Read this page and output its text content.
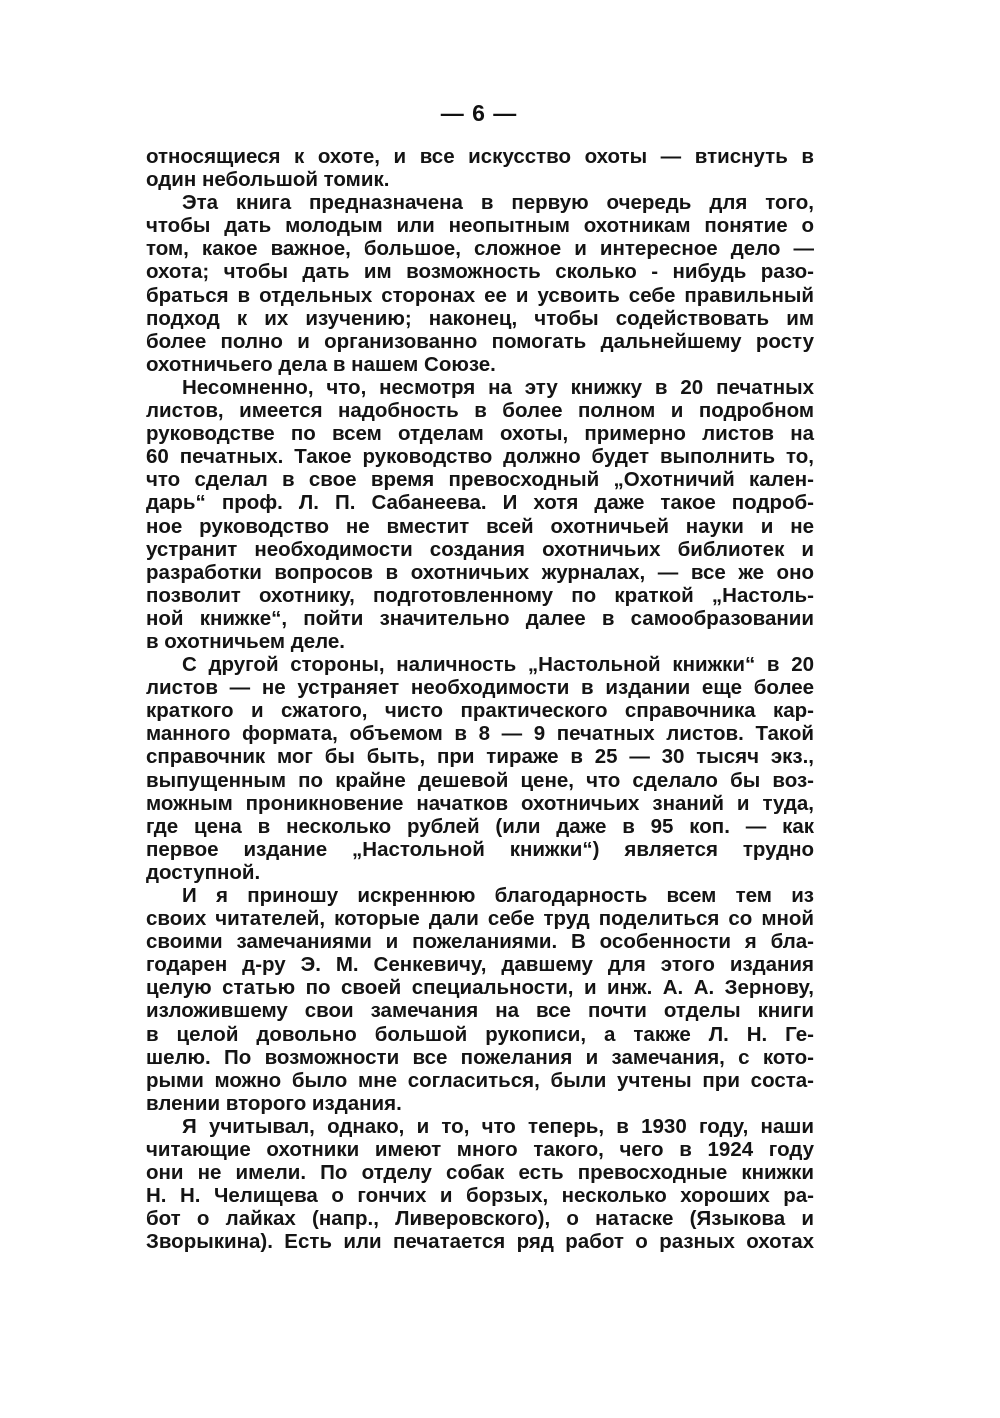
— 6 —
относящиеся к охоте, и все искусство охоты — втиснуть в
один небольшой томик.
Эта книга предназначена в первую очередь для того,
чтобы дать молодым или неопытным охотникам понятие о
том, какое важное, большое, сложное и интересное дело —
охота; чтобы дать им возможность сколько - нибудь разо-
браться в отдельных сторонах ее и усвоить себе правильный
подход к их изучению; наконец, чтобы содействовать им
более полно и организованно помогать дальнейшему росту
охотничьего дела в нашем Союзе.
Несомненно, что, несмотря на эту книжку в 20 печатных
листов, имеется надобность в более полном и подробном
руководстве по всем отделам охоты, примерно листов на
60 печатных. Такое руководство должно будет выполнить то,
что сделал в свое время превосходный „Охотничий кален-
дарь“ проф. Л. П. Сабанеева. И хотя даже такое подроб-
ное руководство не вместит всей охотничьей науки и не
устранит необходимости создания охотничьих библиотек и
разработки вопросов в охотничьих журналах, — все же оно
позволит охотнику, подготовленному по краткой „Настоль-
ной книжке“, пойти значительно далее в самообразовании
в охотничьем деле.
С другой стороны, наличность „Настольной книжки“ в 20
листов — не устраняет необходимости в издании еще более
краткого и сжатого, чисто практического справочника кар-
манного формата, объемом в 8 — 9 печатных листов. Такой
справочник мог бы быть, при тираже в 25 — 30 тысяч экз.,
выпущенным по крайне дешевой цене, что сделало бы воз-
можным проникновение начатков охотничьих знаний и туда,
где цена в несколько рублей (или даже в 95 коп. — как
первое издание „Настольной книжки“) является трудно
доступной.
И я приношу искреннюю благодарность всем тем из
своих читателей, которые дали себе труд поделиться со мной
своими замечаниями и пожеланиями. В особенности я бла-
годарен д-ру Э. М. Сенкевичу, давшему для этого издания
целую статью по своей специальности, и инж. А. А. Зернову,
изложившему свои замечания на все почти отделы книги
в целой довольно большой рукописи, а также Л. Н. Ге-
шелю. По возможности все пожелания и замечания, с кото-
рыми можно было мне согласиться, были учтены при соста-
влении второго издания.
Я учитывал, однако, и то, что теперь, в 1930 году, наши
читающие охотники имеют много такого, чего в 1924 году
они не имели. По отделу собак есть превосходные книжки
Н. Н. Челищева о гончих и борзых, несколько хороших ра-
бот о лайках (напр., Ливеровского), о натаске (Языкова и
Зворыкина). Есть или печатается ряд работ о разных охотах
